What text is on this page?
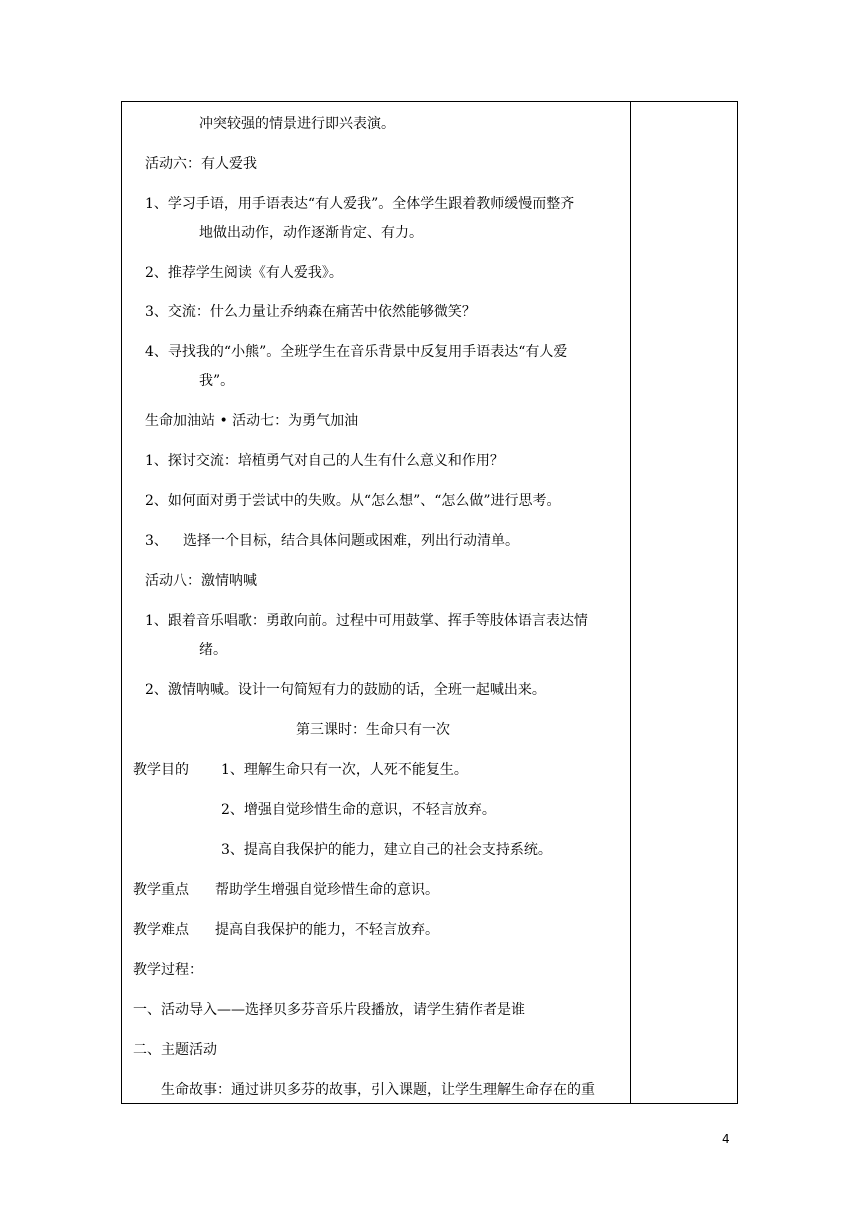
冲突较强的情景进行即兴表演。
活动六：有人爱我
1、学习手语，用手语表达“有人爱我”。全体学生跟着教师缓慢而整齐
地做出动作，动作逐渐肯定、有力。
2、推荐学生阅读《有人爱我》。
3、交流：什么力量让乔纳森在痛苦中依然能够微笑？
4、寻找我的“小熊”。全班学生在音乐背景中反复用手语表达“有人爱
我”。
生命加油站 • 活动七：为勇气加油
1、探讨交流：培植勇气对自己的人生有什么意义和作用？
2、如何面对勇于尝试中的失败。从“怎么想”、“怎么做”进行思考。
3、 选择一个目标，结合具体问题或困难，列出行动清单。
活动八：激情呐喊
1、跟着音乐唱歌：勇敢向前。过程中可用鼓掌、挥手等肢体语言表达情
绪。
2、激情呐喊。设计一句简短有力的鼓励的话，全班一起喊出来。
第三课时：生命只有一次
教学目的 1、理解生命只有一次，人死不能复生。
2、增强自觉珍惜生命的意识，不轻言放弃。
3、提高自我保护的能力，建立自己的社会支持系统。
教学重点 帮助学生增强自觉珍惜生命的意识。
教学难点 提高自我保护的能力，不轻言放弃。
教学过程：
一、活动导入——选择贝多芬音乐片段播放，请学生猜作者是谁
二、主题活动
生命故事：通过讲贝多芬的故事，引入课题，让学生理解生命存在的重
4
